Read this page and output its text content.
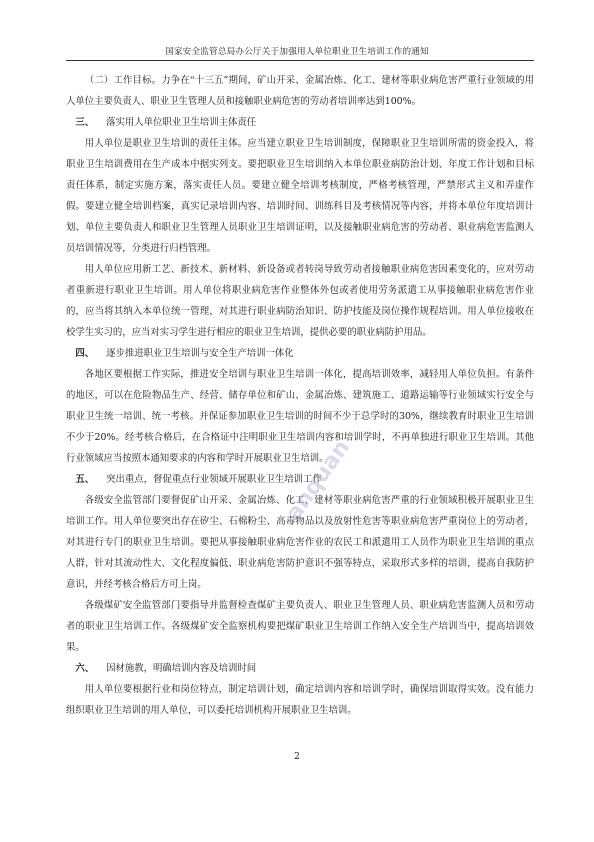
国家安全监管总局办公厅关于加强用人单位职业卫生培训工作的通知

（二）工作目标。力争在“十三五”期间，矿山开采、金属冶炼、化工、建材等职业病危害严重行业领域的用人单位主要负责人、职业卫生管理人员和接触职业病危害的劳动者培训率达到100%。

三、 落实用人单位职业卫生培训主体责任

用人单位是职业卫生培训的责任主体。应当建立职业卫生培训制度，保障职业卫生培训所需的资金投入，将职业卫生培训费用在生产成本中据实列支。要把职业卫生培训纳入本单位职业病防治计划、年度工作计划和目标责任体系，制定实施方案，落实责任人员。要建立健全培训考核制度，严格考核管理，严禁形式主义和弄虚作假。要建立健全培训档案，真实记录培训内容、培训时间、训练科目及考核情况等内容，并将本单位年度培训计划、单位主要负责人和职业卫生管理人员职业卫生培训证明，以及接触职业病危害的劳动者、职业病危害监测人员培训情况等，分类进行归档管理。

用人单位应用新工艺、新技术、新材料、新设备或者转岗导致劳动者接触职业病危害因素变化的，应对劳动者重新进行职业卫生培训。用人单位将职业病危害作业整体外包或者使用劳务派遣工从事接触职业病危害作业的，应当将其纳入本单位统一管理，对其进行职业病防治知识、防护技能及岗位操作规程培训。用人单位接收在校学生实习的，应当对实习学生进行相应的职业卫生培训，提供必要的职业病防护用品。

四、 逐步推进职业卫生培训与安全生产培训一体化

各地区要根据工作实际，推进安全培训与职业卫生培训一体化，提高培训效率，减轻用人单位负担。有条件的地区，可以在危险物品生产、经营、储存单位和矿山、金属冶炼、建筑施工、道路运输等行业领域实行安全与职业卫生统一培训、统一考核。并保证参加职业卫生培训的时间不少于总学时的30%，继续教育时职业卫生培训不少于20%。经考核合格后，在合格证中注明职业卫生培训内容和培训学时，不再单独进行职业卫生培训。其他行业领域应当按照本通知要求的内容和学时开展职业卫生培训。

五、 突出重点，督促重点行业领域开展职业卫生培训工作

各级安全监管部门要督促矿山开采、金属冶炼、化工、建材等职业病危害严重的行业领域积极开展职业卫生培训工作。用人单位要突出存在矽尘、石棉粉尘、高毒物品以及放射性危害等职业病危害严重岗位上的劳动者，对其进行专门的职业卫生培训。要把从事接触职业病危害作业的农民工和派遣用工人员作为职业卫生培训的重点人群，针对其流动性大、文化程度偏低、职业病危害防护意识不强等特点，采取形式多样的培训，提高自我防护意识，并经考核合格后方可上岗。

各级煤矿安全监管部门要指导并监督检查煤矿主要负责人、职业卫生管理人员、职业病危害监测人员和劳动者的职业卫生培训工作。各级煤矿安全监察机构要把煤矿职业卫生培训工作纳入安全生产培训当中，提高培训效果。

六、 因材施教，明确培训内容及培训时间

用人单位要根据行业和岗位特点，制定培训计划，确定培训内容和培训学时，确保培训取得实效。没有能力组织职业卫生培训的用人单位，可以委托培训机构开展职业卫生培训。

anquan
2
